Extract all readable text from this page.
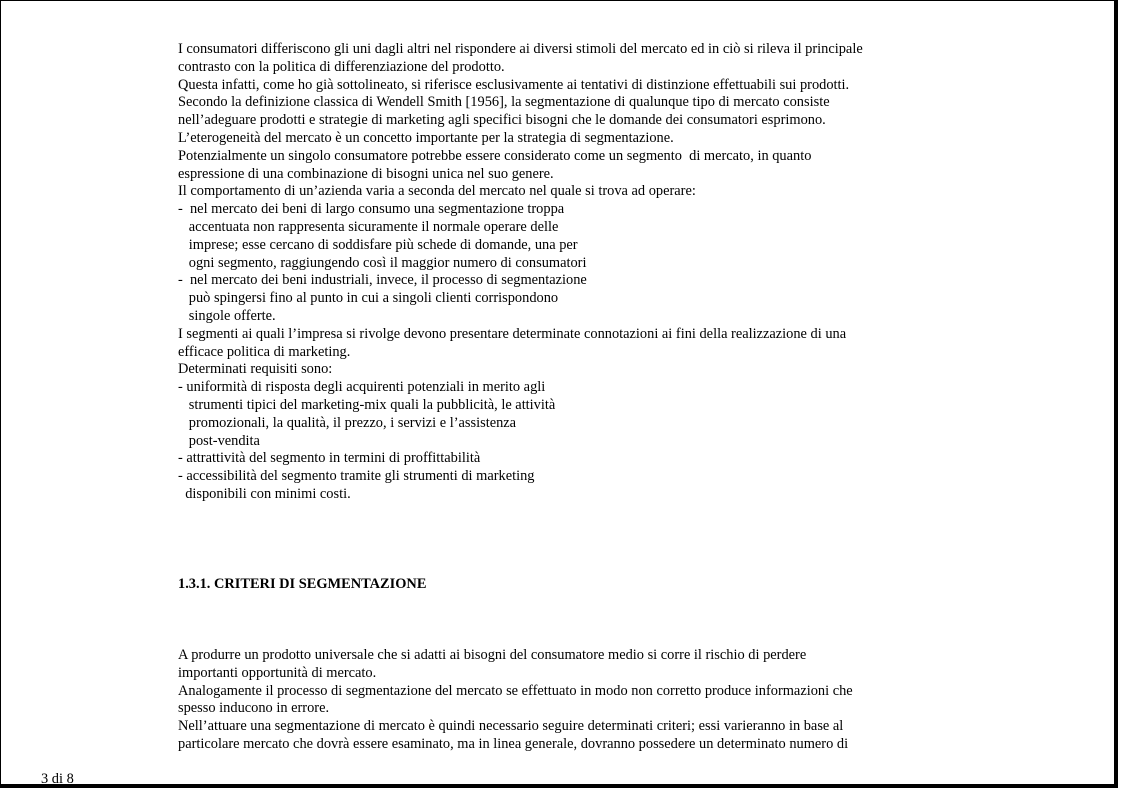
I consumatori differiscono gli uni dagli altri nel rispondere ai diversi stimoli del mercato ed in ciò si rileva il principale
contrasto con la politica di differenziazione del prodotto.
Questa infatti, come ho già sottolineato, si riferisce esclusivamente ai tentativi di distinzione effettuabili sui prodotti.
Secondo la definizione classica di Wendell Smith [1956], la segmentazione di qualunque tipo di mercato consiste
nell’adeguare prodotti e strategie di marketing agli specifici bisogni che le domande dei consumatori esprimono.
L’eterogeneità del mercato è un concetto importante per la strategia di segmentazione.
Potenzialmente un singolo consumatore potrebbe essere considerato come un segmento  di mercato, in quanto
espressione di una combinazione di bisogni unica nel suo genere.
Il comportamento di un’azienda varia a seconda del mercato nel quale si trova ad operare:
-  nel mercato dei beni di largo consumo una segmentazione troppa
accentuata non rappresenta sicuramente il normale operare delle
imprese; esse cercano di soddisfare più schede di domande, una per
ogni segmento, raggiungendo così il maggior numero di consumatori
-  nel mercato dei beni industriali, invece, il processo di segmentazione
può spingersi fino al punto in cui a singoli clienti corrispondono
singole offerte.
I segmenti ai quali l’impresa si rivolge devono presentare determinate connotazioni ai fini della realizzazione di una
efficace politica di marketing.
Determinati requisiti sono:
- uniformità di risposta degli acquirenti potenziali in merito agli
strumenti tipici del marketing-mix quali la pubblicità, le attività
promozionali, la qualità, il prezzo, i servizi e l’assistenza
post-vendita
- attrattività del segmento in termini di proffittabilità
- accessibilità del segmento tramite gli strumenti di marketing
disponibili con minimi costi.
1.3.1. CRITERI DI SEGMENTAZIONE
A produrre un prodotto universale che si adatti ai bisogni del consumatore medio si corre il rischio di perdere
importanti opportunità di mercato.
Analogamente il processo di segmentazione del mercato se effettuato in modo non corretto produce informazioni che
spesso inducono in errore.
Nell’attuare una segmentazione di mercato è quindi necessario seguire determinati criteri; essi varieranno in base al
particolare mercato che dovrà essere esaminato, ma in linea generale, dovranno possedere un determinato numero di
3 di 8
